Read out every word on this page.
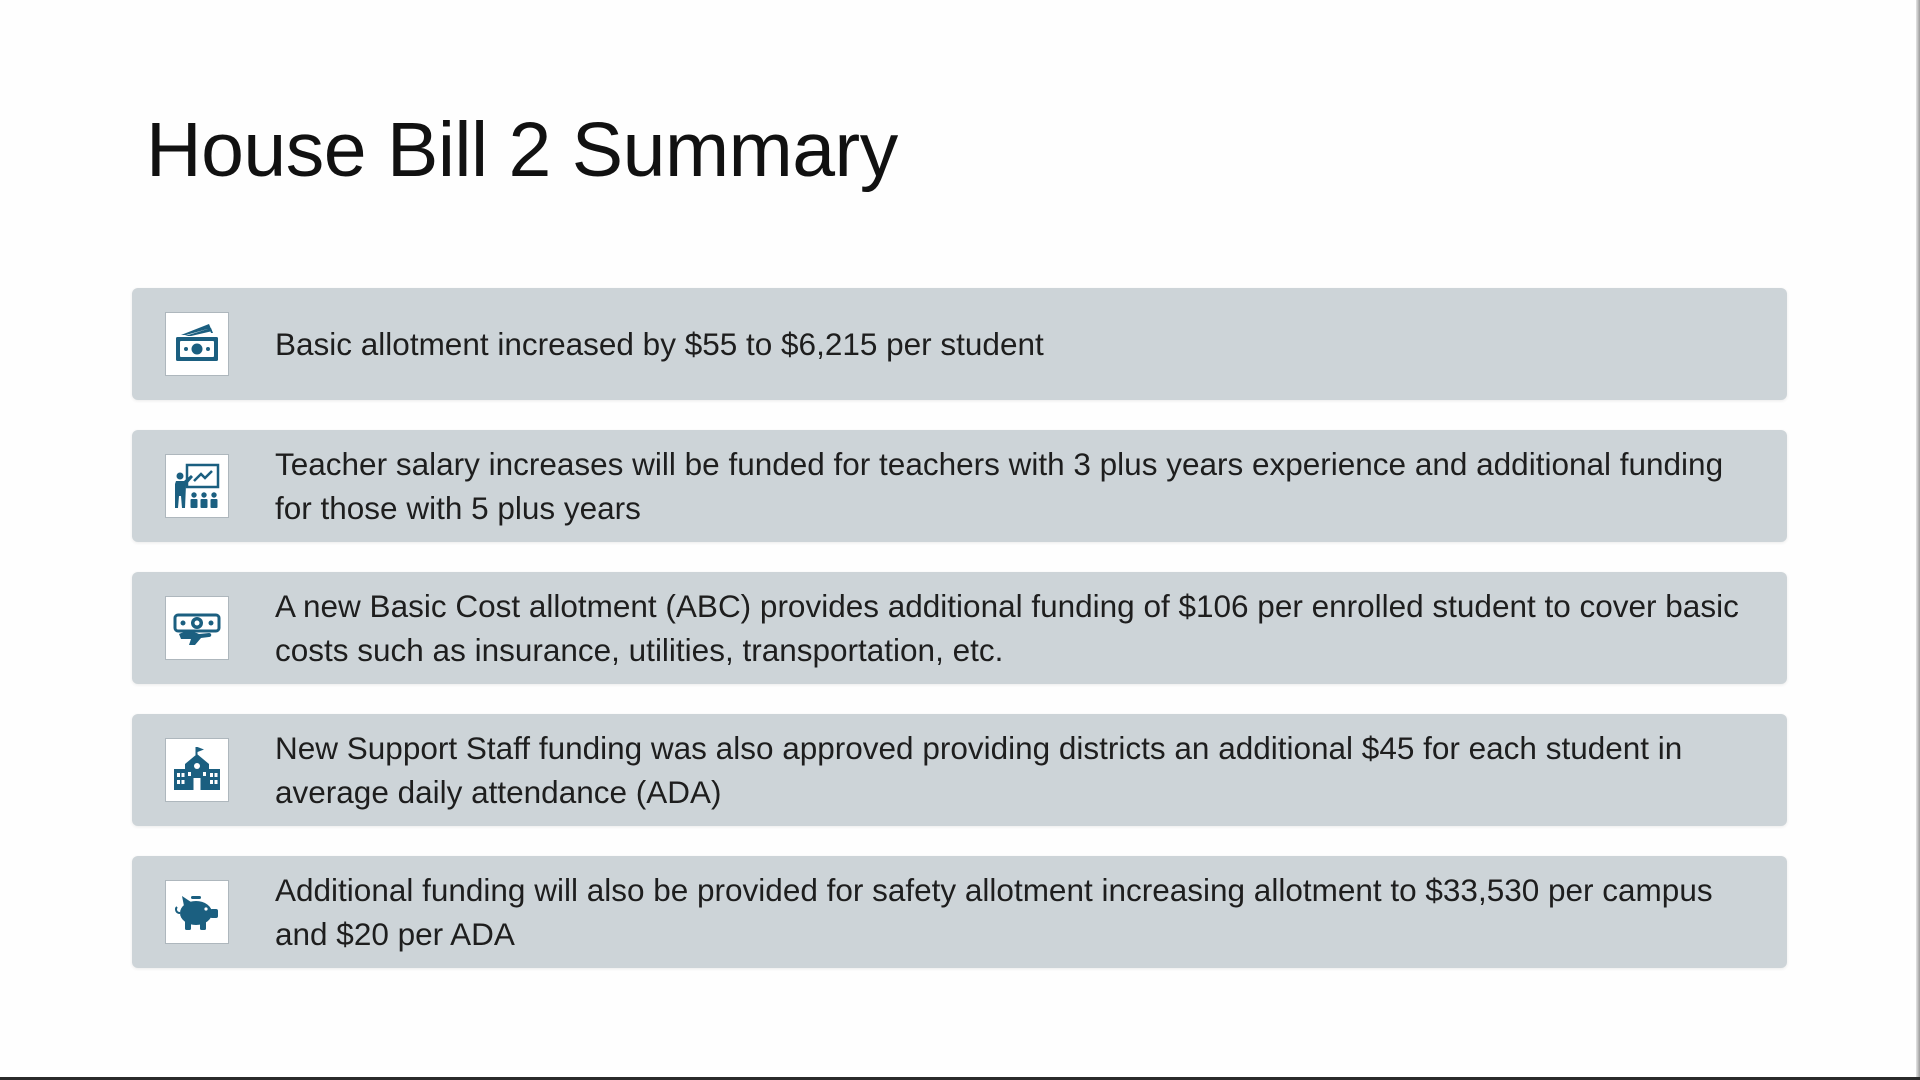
House Bill 2 Summary
Basic allotment increased by $55 to $6,215 per student
Teacher salary increases will be funded for teachers with 3 plus years experience and additional funding for those with 5 plus years
A new Basic Cost allotment (ABC) provides additional funding of $106 per enrolled student to cover basic costs such as insurance, utilities, transportation, etc.
New Support Staff funding was also approved providing districts an additional $45 for each student in average daily attendance (ADA)
Additional funding will also be provided for safety allotment increasing allotment to $33,530 per campus and $20 per ADA
